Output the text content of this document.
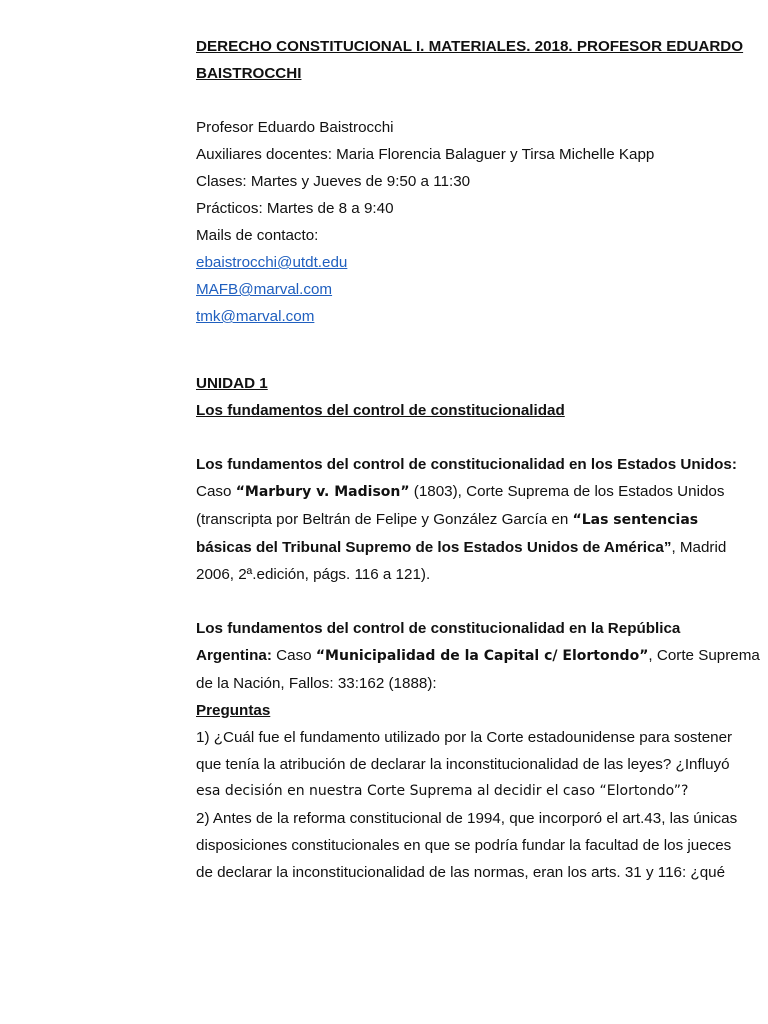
DERECHO CONSTITUCIONAL I. MATERIALES. 2018. PROFESOR EDUARDO BAISTROCCHI

Profesor Eduardo Baistrocchi
Auxiliares docentes: Maria Florencia Balaguer y Tirsa Michelle Kapp
Clases: Martes y Jueves de 9:50 a 11:30
Prácticos: Martes de 8 a 9:40
Mails de contacto:
ebaistrocchi@utdt.edu
MAFB@marval.com
tmk@marval.com
UNIDAD 1
Los fundamentos del control de constitucionalidad
Los fundamentos del control de constitucionalidad en los Estados Unidos:
Caso “Marbury v. Madison” (1803), Corte Suprema de los Estados Unidos
(transcripta por Beltrán de Felipe y González García en “Las sentencias
básicas del Tribunal Supremo de los Estados Unidos de América”, Madrid
2006, 2ª.edición, págs. 116 a 121).
Los fundamentos del control de constitucionalidad en la República
Argentina: Caso “Municipalidad de la Capital c/ Elortondo”, Corte Suprema
de la Nación, Fallos: 33:162 (1888):
Preguntas
1) ¿Cuál fue el fundamento utilizado por la Corte estadounidense para sostener
que tenía la atribución de declarar la inconstitucionalidad de las leyes? ¿Influyó
esa decisión en nuestra Corte Suprema al decidir el caso “Elortondo”?
2) Antes de la reforma constitucional de 1994, que incorporó el art.43, las únicas
disposiciones constitucionales en que se podría fundar la facultad de los jueces
de declarar la inconstitucionalidad de las normas, eran los arts. 31 y 116: ¿qué
